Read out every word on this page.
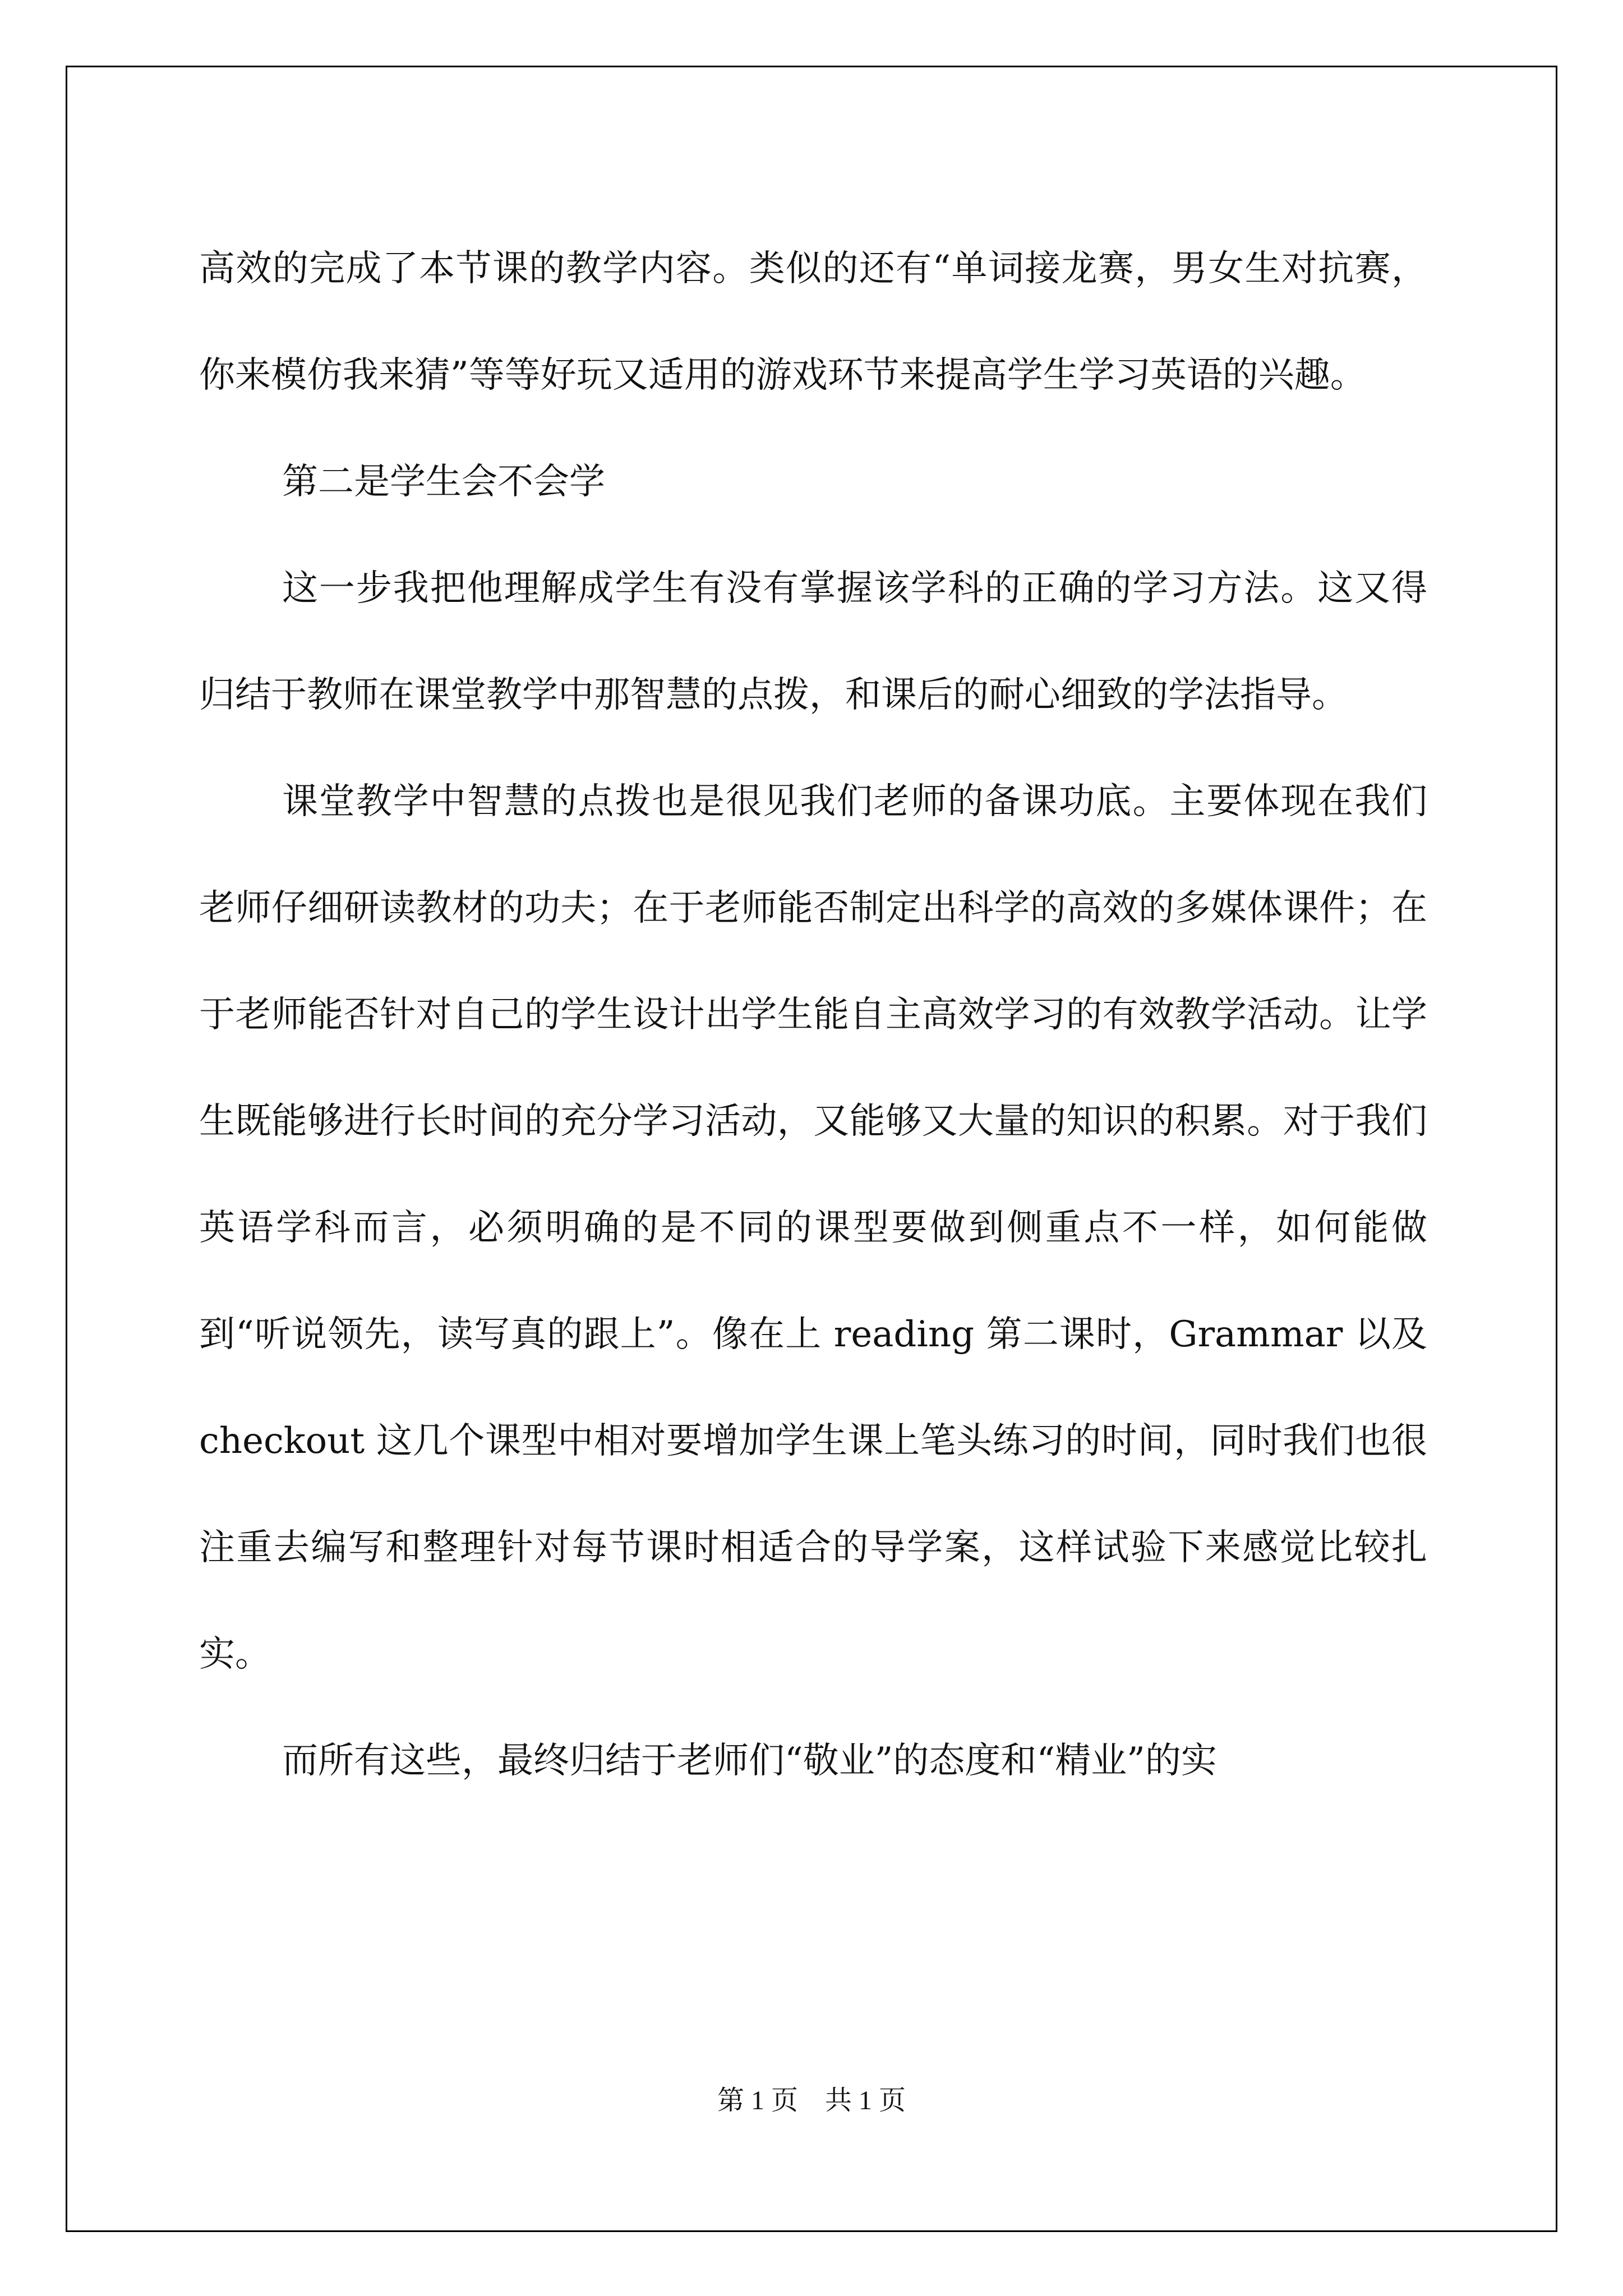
高效的完成了本节课的教学内容。类似的还有“单词接龙赛，男女生对抗赛，你来模仿我来猜”等等好玩又适用的游戏环节来提高学生学习英语的兴趣。

第二是学生会不会学

这一步我把他理解成学生有没有掌握该学科的正确的学习方法。这又得归结于教师在课堂教学中那智慧的点拨，和课后的耐心细致的学法指导。

课堂教学中智慧的点拨也是很见我们老师的备课功底。主要体现在我们老师仔细研读教材的功夫；在于老师能否制定出科学的高效的多媒体课件；在于老师能否针对自己的学生设计出学生能自主高效学习的有效教学活动。让学生既能够进行长时间的充分学习活动，又能够又大量的知识的积累。对于我们英语学科而言，必须明确的是不同的课型要做到侧重点不一样，如何能做到“听说领先，读写真的跟上”。像在上 reading 第二课时，Grammar 以及 checkout 这几个课型中相对要增加学生课上笔头练习的时间，同时我们也很注重去编写和整理针对每节课时相适合的导学案，这样试验下来感觉比较扎实。

而所有这些，最终归结于老师们“敬业”的态度和“精业”的实

第 1 页　共 1 页
